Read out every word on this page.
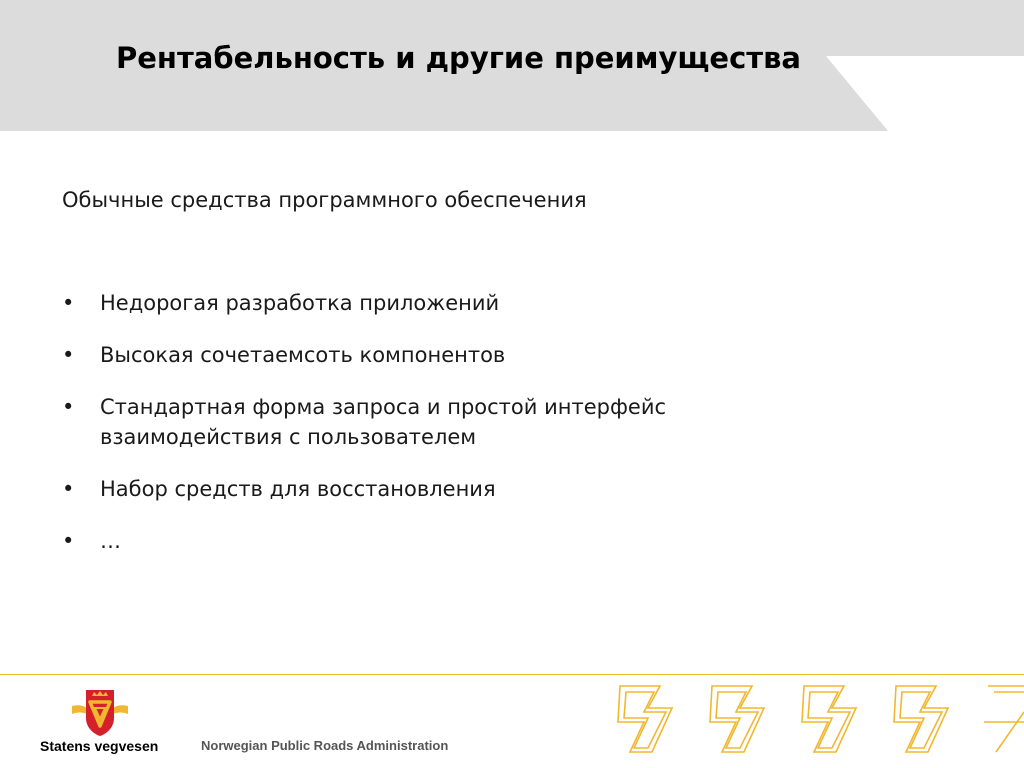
Рентабельность и другие преимущества
Обычные средства программного обеспечения
•	Недорогая разработка приложений
•	Высокая сочетаемсоть компонентов
•	Стандартная форма запроса и простой интерфейс взаимодействия с пользователем
•	Набор средств для восстановления
•	…
Statens vegvesen	Norwegian Public Roads Administration
